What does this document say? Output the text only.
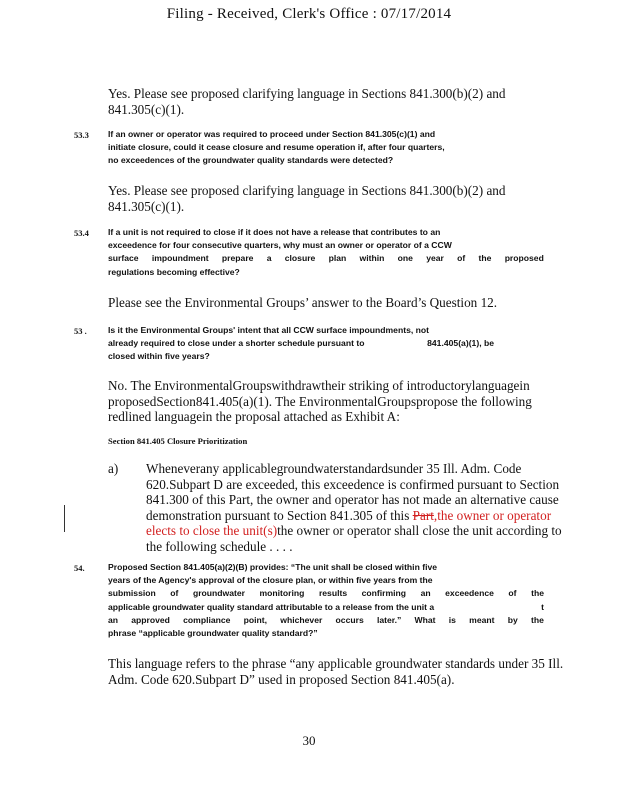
Filing - Received, Clerk's Office : 07/17/2014
Yes. Please see proposed clarifying language in Sections 841.300(b)(2) and
841.305(c)(1).
53.3 If an owner or operator was required to proceed under Section 841.305(c)(1) and
initiate closure, could it cease closure and resume operation if, after four quarters,
no exceedences of the groundwater quality standards were detected?
Yes. Please see proposed clarifying language in Sections 841.300(b)(2) and
841.305(c)(1).
53.4 If a unit is not required to close if it does not have a release that contributes to an
exceedence for four consecutive quarters, why must an owner or operator of a CCW
surface impoundment prepare a closure plan within one year of the proposed
regulations becoming effective?
Please see the Environmental Groups’ answer to the Board’s Question 12.
53 . Is it the Environmental Groups' intent that all CCW surface impoundments, not
already required to close under a shorter schedule pursuant to	841.405(a)(1), be
closed within five years?
No. The EnvironmentalGroupswithdrawtheir striking of introductorylanguagein
proposedSection841.405(a)(1). The EnvironmentalGroupspropose the following
redlined languagein the proposal attached as Exhibit A:
Section 841.405 Closure Prioritization
a) Wheneverany applicablegroundwaterstandardsunder 35 Ill. Adm. Code
620.Subpart D are exceeded, this exceedence is confirmed pursuant to Section
841.300 of this Part, the owner and operator has not made an alternative cause
demonstration pursuant to Section 841.305 of this Part,the owner or operator
elects to close the unit(s)the owner or operator shall close the unit according to
the following schedule . . . .
54.	Proposed Section 841.405(a)(2)(B) provides: “The unit shall be closed within five
years of the Agency's approval of the closure plan, or within five years from the
submission of groundwater monitoring results confirming an exceedence of the
applicable groundwater quality standard attributable to a release from the unit a	t
an approved compliance point, whichever occurs later.” What is meant by the
phrase “applicable groundwater quality standard?”
This language refers to the phrase “any applicable groundwater standards under 35 Ill.
Adm. Code 620.Subpart D” used in proposed Section 841.405(a).
30
